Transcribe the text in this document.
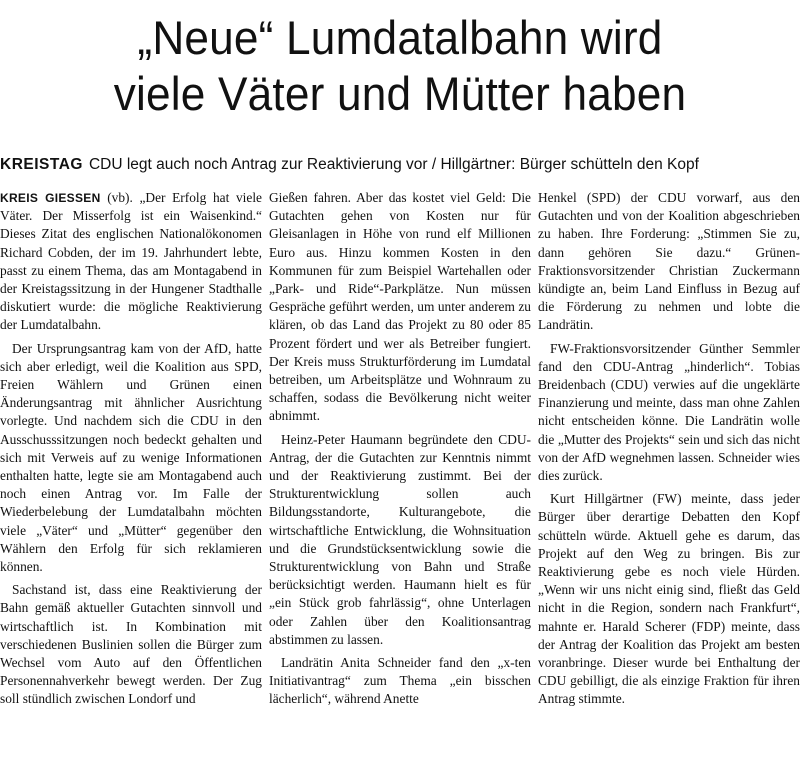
„Neue“ Lumdatalbahn wird
viele Väter und Mütter haben
KREISTAG CDU legt auch noch Antrag zur Reaktivierung vor / Hillgärtner: Bürger schütteln den Kopf

KREIS GIESSEN (vb). „Der Erfolg hat viele Väter. Der Misserfolg ist ein Waisenkind.“ Dieses Zitat des englischen Nationalökonomen Richard Cobden, der im 19. Jahrhundert lebte, passt zu einem Thema, das am Montagabend in der Kreistagssitzung in der Hungener Stadthalle diskutiert wurde: die mögliche Reaktivierung der Lumdatalbahn.

Der Ursprungsantrag kam von der AfD, hatte sich aber erledigt, weil die Koalition aus SPD, Freien Wählern und Grünen einen Änderungsantrag mit ähnlicher Ausrichtung vorlegte. Und nachdem sich die CDU in den Ausschusssitzungen noch bedeckt gehalten und sich mit Verweis auf zu wenige Informationen enthalten hatte, legte sie am Montagabend auch noch einen Antrag vor. Im Falle der Wiederbelebung der Lumdatalbahn möchten viele „Väter“ und „Mütter“ gegenüber den Wählern den Erfolg für sich reklamieren können.

Sachstand ist, dass eine Reaktivierung der Bahn gemäß aktueller Gutachten sinnvoll und wirtschaftlich ist. In Kombination mit verschiedenen Buslinien sollen die Bürger zum Wechsel vom Auto auf den Öffentlichen Personennahverkehr bewegt werden. Der Zug soll stündlich zwischen Londorf und

Gießen fahren. Aber das kostet viel Geld: Die Gutachten gehen von Kosten nur für Gleisanlagen in Höhe von rund elf Millionen Euro aus. Hinzu kommen Kosten in den Kommunen für zum Beispiel Wartehallen oder „Park- und Ride“-Parkplätze. Nun müssen Gespräche geführt werden, um unter anderem zu klären, ob das Land das Projekt zu 80 oder 85 Prozent fördert und wer als Betreiber fungiert. Der Kreis muss Strukturförderung im Lumdatal betreiben, um Arbeitsplätze und Wohnraum zu schaffen, sodass die Bevölkerung nicht weiter abnimmt.

Heinz-Peter Haumann begründete den CDU-Antrag, der die Gutachten zur Kenntnis nimmt und der Reaktivierung zustimmt. Bei der Strukturentwicklung sollen auch Bildungsstandorte, Kulturangebote, die wirtschaftliche Entwicklung, die Wohnsituation und die Grundstücksentwicklung sowie die Strukturentwicklung von Bahn und Straße berücksichtigt werden. Haumann hielt es für „ein Stück grob fahrlässig“, ohne Unterlagen oder Zahlen über den Koalitionsantrag abstimmen zu lassen.

Landrätin Anita Schneider fand den „x-ten Initiativantrag“ zum Thema „ein bisschen lächerlich“, während Anette

Henkel (SPD) der CDU vorwarf, aus den Gutachten und von der Koalition abgeschrieben zu haben. Ihre Forderung: „Stimmen Sie zu, dann gehören Sie dazu.“ Grünen-Fraktionsvorsitzender Christian Zuckermann kündigte an, beim Land Einfluss in Bezug auf die Förderung zu nehmen und lobte die Landrätin.

FW-Fraktionsvorsitzender Günther Semmler fand den CDU-Antrag „hinderlich“. Tobias Breidenbach (CDU) verwies auf die ungeklärte Finanzierung und meinte, dass man ohne Zahlen nicht entscheiden könne. Die Landrätin wolle die „Mutter des Projekts“ sein und sich das nicht von der AfD wegnehmen lassen. Schneider wies dies zurück.

Kurt Hillgärtner (FW) meinte, dass jeder Bürger über derartige Debatten den Kopf schütteln würde. Aktuell gehe es darum, das Projekt auf den Weg zu bringen. Bis zur Reaktivierung gebe es noch viele Hürden. „Wenn wir uns nicht einig sind, fließt das Geld nicht in die Region, sondern nach Frankfurt“, mahnte er. Harald Scherer (FDP) meinte, dass der Antrag der Koalition das Projekt am besten voranbringe. Dieser wurde bei Enthaltung der CDU gebilligt, die als einzige Fraktion für ihren Antrag stimmte.
